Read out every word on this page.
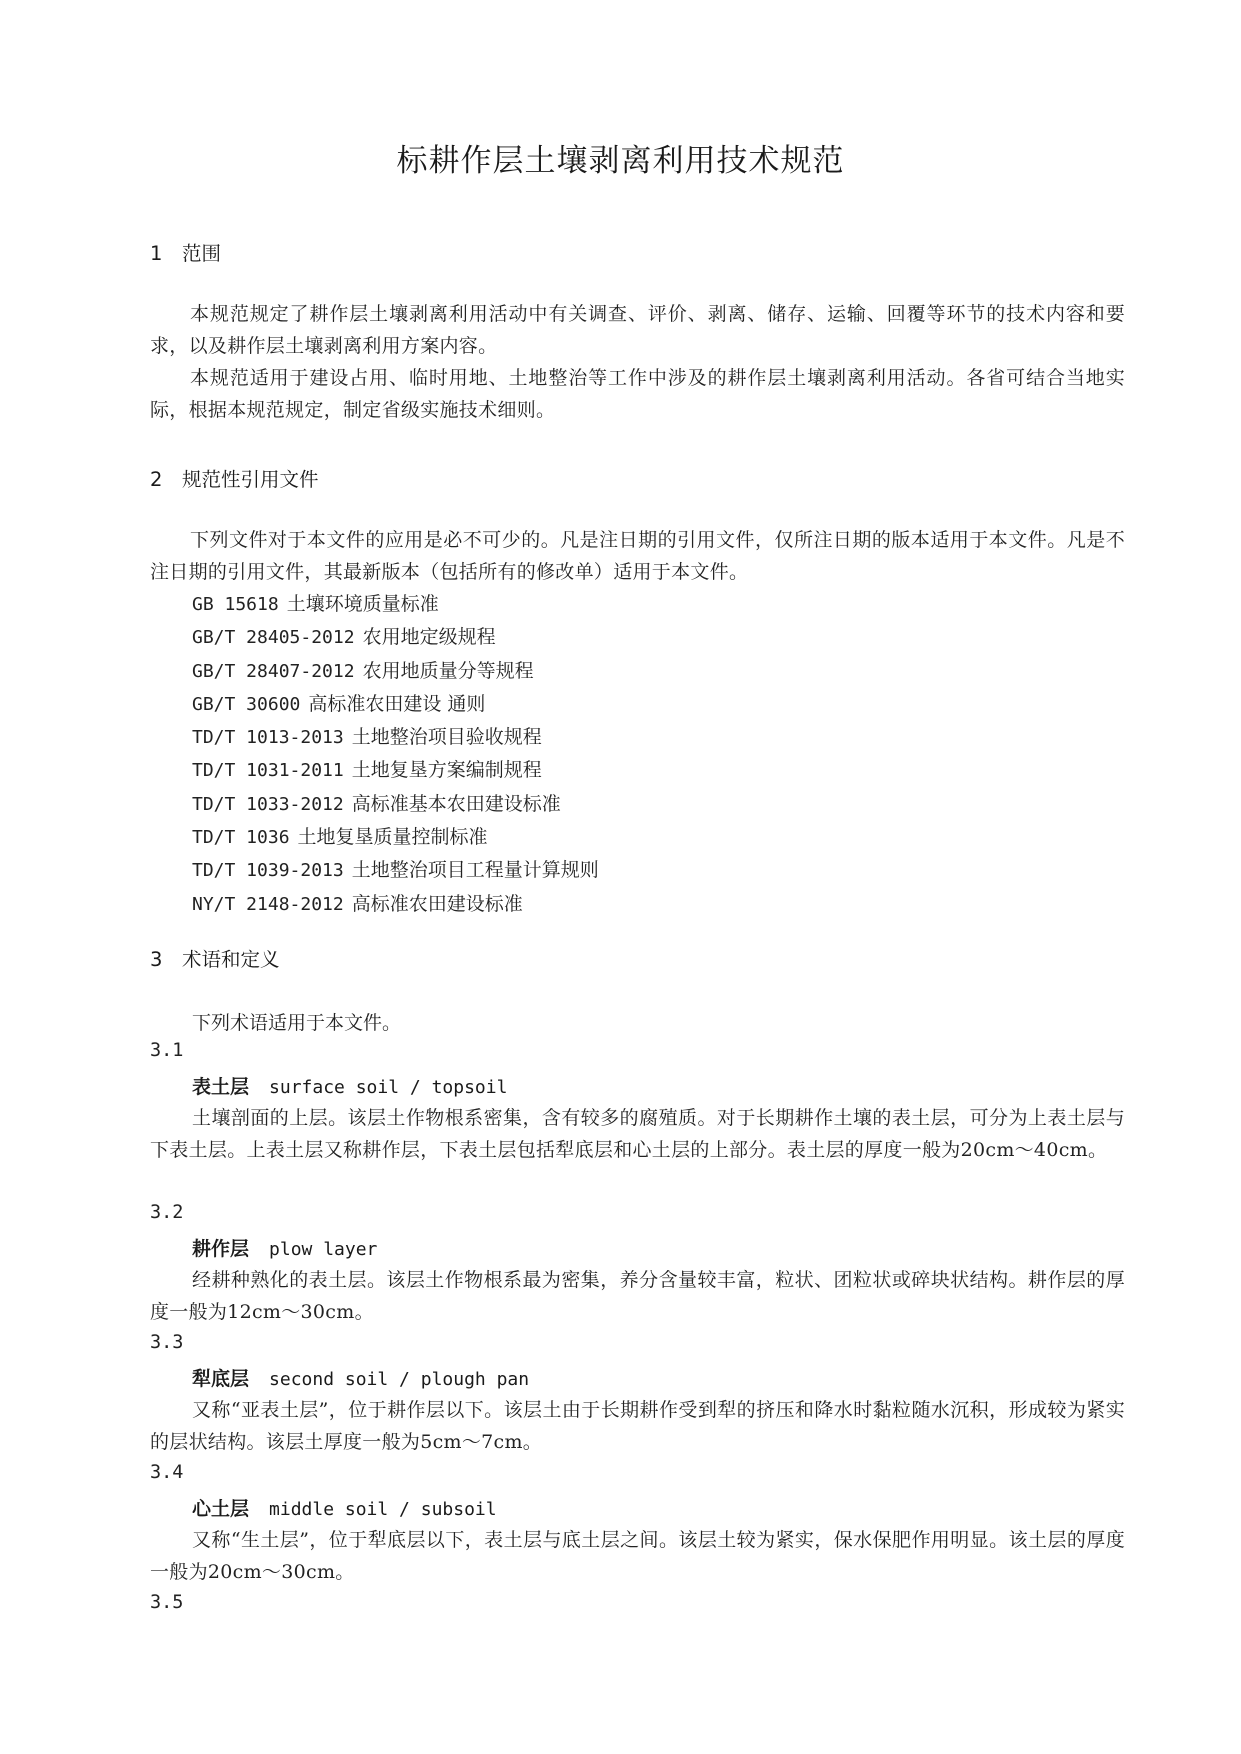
标耕作层土壤剥离利用技术规范
1 范围
本规范规定了耕作层土壤剥离利用活动中有关调查、评价、剥离、储存、运输、回覆等环节的技术内容和要求，以及耕作层土壤剥离利用方案内容。
本规范适用于建设占用、临时用地、土地整治等工作中涉及的耕作层土壤剥离利用活动。各省可结合当地实际，根据本规范规定，制定省级实施技术细则。
2 规范性引用文件
下列文件对于本文件的应用是必不可少的。凡是注日期的引用文件，仅所注日期的版本适用于本文件。凡是不注日期的引用文件，其最新版本（包括所有的修改单）适用于本文件。
GB 15618 土壤环境质量标准
GB/T 28405-2012 农用地定级规程
GB/T 28407-2012 农用地质量分等规程
GB/T 30600 高标准农田建设 通则
TD/T 1013-2013 土地整治项目验收规程
TD/T 1031-2011 土地复垦方案编制规程
TD/T 1033-2012 高标准基本农田建设标准
TD/T 1036 土地复垦质量控制标准
TD/T 1039-2013 土地整治项目工程量计算规则
NY/T 2148-2012 高标准农田建设标准
3 术语和定义
下列术语适用于本文件。
3.1
表土层 surface soil / topsoil
土壤剖面的上层。该层土作物根系密集，含有较多的腐殖质。对于长期耕作土壤的表土层，可分为上表土层与下表土层。上表土层又称耕作层，下表土层包括犁底层和心土层的上部分。表土层的厚度一般为20cm～40cm。
3.2
耕作层 plow layer
经耕种熟化的表土层。该层土作物根系最为密集，养分含量较丰富，粒状、团粒状或碎块状结构。耕作层的厚度一般为12cm～30cm。
3.3
犁底层 second soil / plough pan
又称“亚表土层”，位于耕作层以下。该层土由于长期耕作受到犁的挤压和降水时黏粒随水沉积，形成较为紧实的层状结构。该层土厚度一般为5cm～7cm。
3.4
心土层 middle soil / subsoil
又称“生土层”，位于犁底层以下，表土层与底土层之间。该层土较为紧实，保水保肥作用明显。该土层的厚度一般为20cm～30cm。
3.5
